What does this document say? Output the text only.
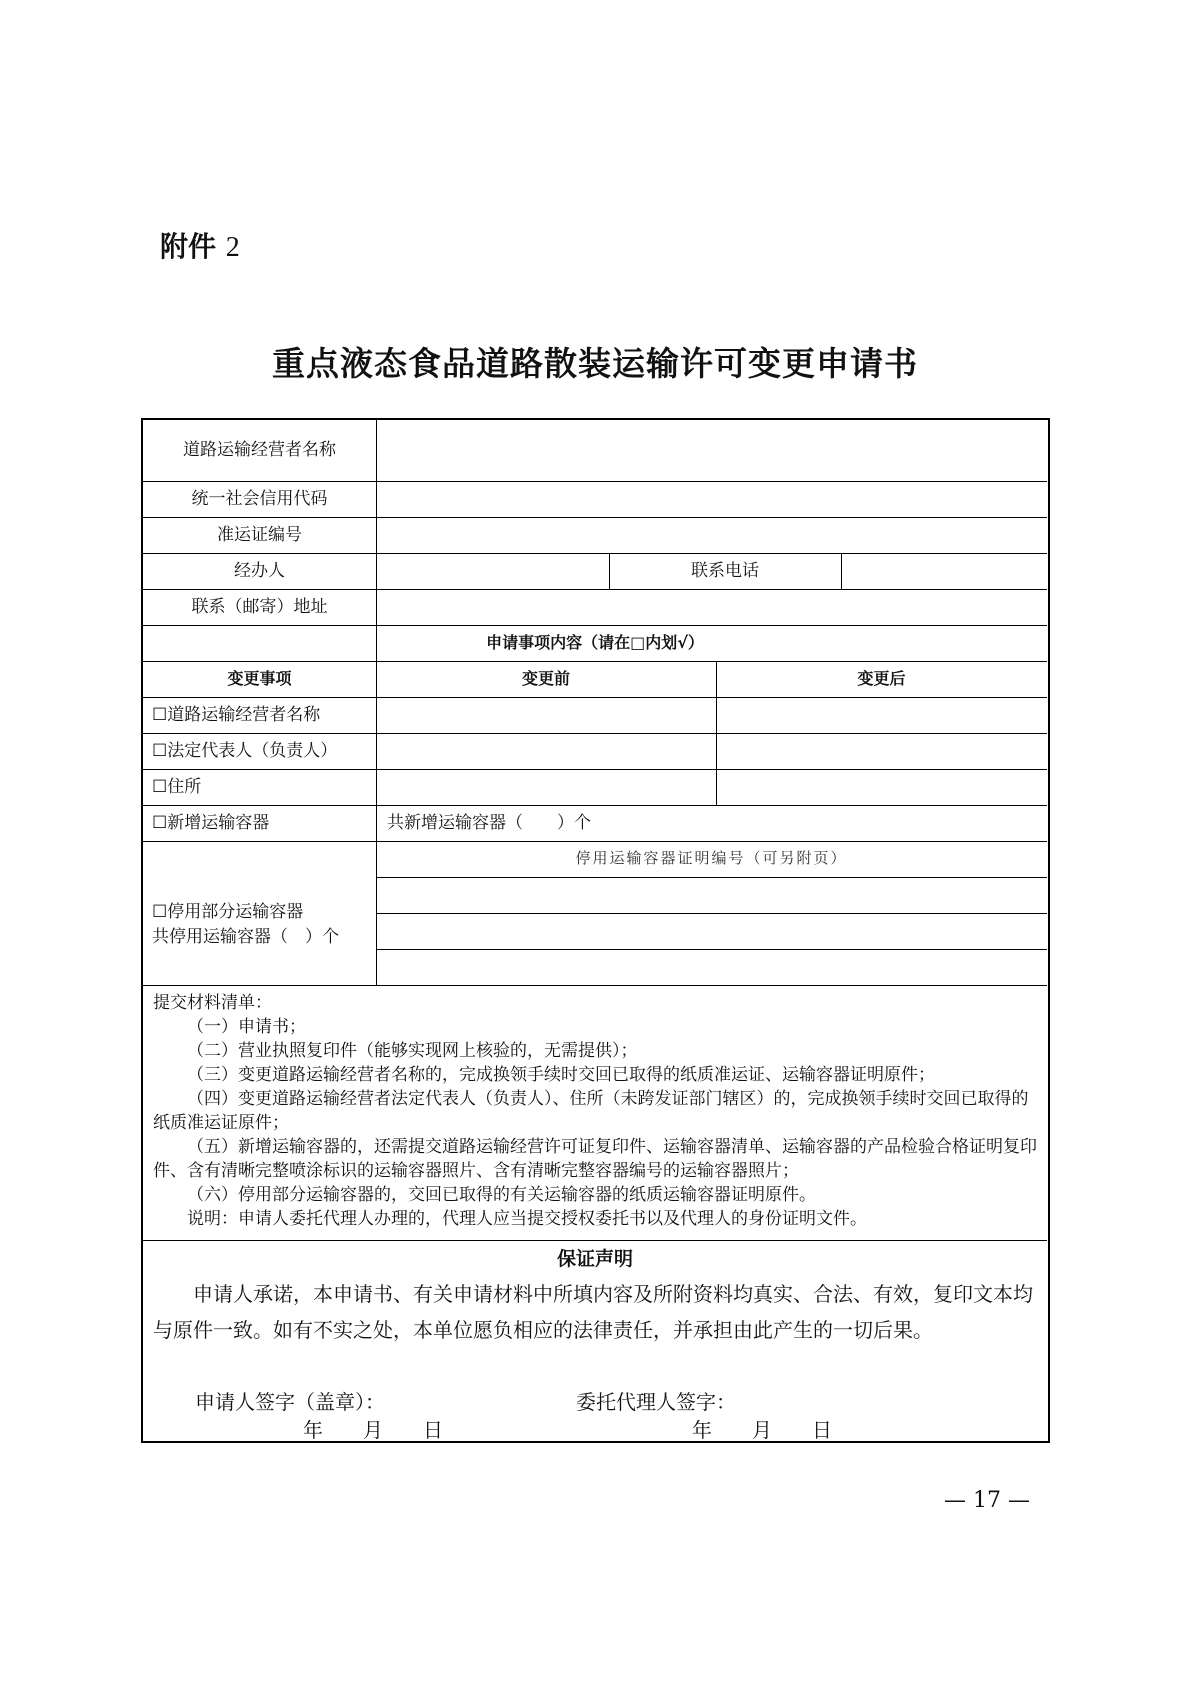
附件 2
重点液态食品道路散装运输许可变更申请书
道路运输经营者名称
统一社会信用代码
准运证编号
经办人	联系电话
联系（邮寄）地址
申请事项内容（请在□内划√）
变更事项	变更前	变更后
☐道路运输经营者名称
☐法定代表人（负责人）
☐住所
☐新增运输容器	共新增运输容器（　　）个
停用运输容器证明编号（可另附页）
☐停用部分运输容器
共停用运输容器（　）个
提交材料清单：
（一）申请书；
（二）营业执照复印件（能够实现网上核验的，无需提供）；
（三）变更道路运输经营者名称的，完成换领手续时交回已取得的纸质准运证、运输容器证明原件；
（四）变更道路运输经营者法定代表人（负责人）、住所（未跨发证部门辖区）的，完成换领手续时交回已取得的纸质准运证原件；
（五）新增运输容器的，还需提交道路运输经营许可证复印件、运输容器清单、运输容器的产品检验合格证明复印件、含有清晰完整喷涂标识的运输容器照片、含有清晰完整容器编号的运输容器照片；
（六）停用部分运输容器的，交回已取得的有关运输容器的纸质运输容器证明原件。
说明：申请人委托代理人办理的，代理人应当提交授权委托书以及代理人的身份证明文件。
保证声明
申请人承诺，本申请书、有关申请材料中所填内容及所附资料均真实、合法、有效，复印文本均与原件一致。如有不实之处，本单位愿负相应的法律责任，并承担由此产生的一切后果。
申请人签字（盖章）：	委托代理人签字：
年　　月　　日	年　　月　　日
— 17 —
